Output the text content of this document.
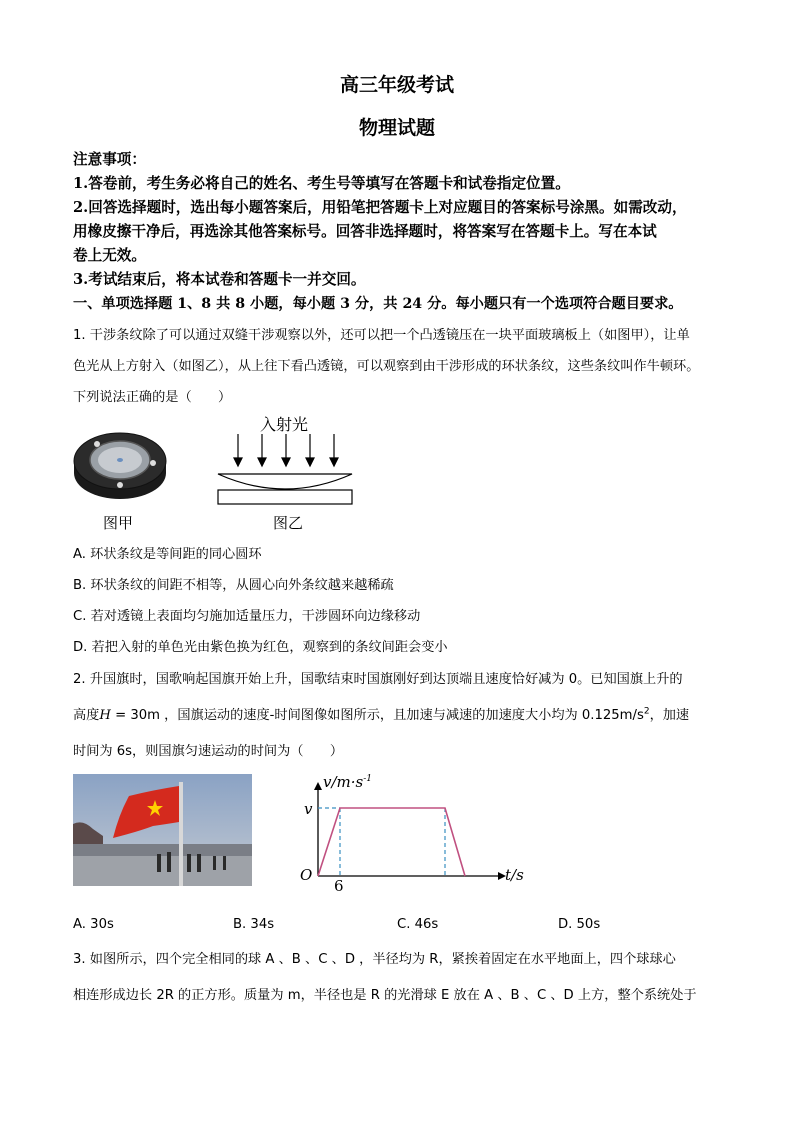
高三年级考试
物理试题
注意事项：
1.答卷前，考生务必将自己的姓名、考生号等填写在答题卡和试卷指定位置。
2.回答选择题时，选出每小题答案后，用铅笔把答题卡上对应题目的答案标号涂黑。如需改动，
用橡皮擦干净后，再选涂其他答案标号。回答非选择题时，将答案写在答题卡上。写在本试
卷上无效。
3.考试结束后，将本试卷和答题卡一并交回。
一、单项选择题 1、8 共 8 小题，每小题 3 分，共 24 分。每小题只有一个选项符合题目要求。
1. 干涉条纹除了可以通过双缝干涉观察以外，还可以把一个凸透镜压在一块平面玻璃板上（如图甲），让单
色光从上方射入（如图乙），从上往下看凸透镜，可以观察到由干涉形成的环状条纹，这些条纹叫作牛顿环。
下列说法正确的是（　　）
图甲
入射光
图乙
A. 环状条纹是等间距的同心圆环
B. 环状条纹的间距不相等，从圆心向外条纹越来越稀疏
C. 若对透镜上表面均匀施加适量压力，干涉圆环向边缘移动
D. 若把入射的单色光由紫色换为红色，观察到的条纹间距会变小
2. 升国旗时，国歌响起国旗开始上升，国歌结束时国旗刚好到达顶端且速度恰好减为 0。已知国旗上升的
高度H = 30m ，国旗运动的速度-时间图像如图所示，且加速与减速的加速度大小均为 $0.125m/s^2$，加速
时间为 6s，则国旗匀速运动的时间为（　　）
$v/m\cdot s^{-1}$
v
O
6
t/s
A. 30s	B. 34s	C. 46s	D. 50s
3. 如图所示，四个完全相同的球 A 、B 、C 、D ，半径均为 R，紧挨着固定在水平地面上，四个球球心
相连形成边长 2R 的正方形。质量为 m，半径也是 R 的光滑球 E 放在 A 、B 、C 、D 上方，整个系统处于
